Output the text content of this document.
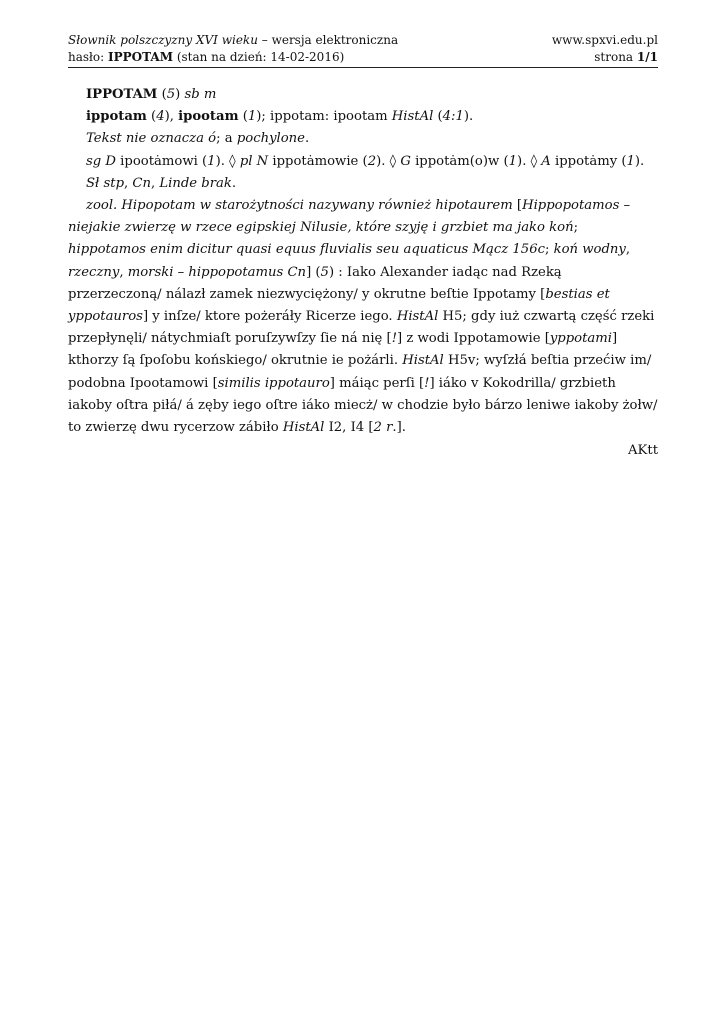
Słownik polszczyzny XVI wieku – wersja elektroniczna	www.spxvi.edu.pl
hasło: IPPOTAM (stan na dzień: 14-02-2016)	strona 1/1

IPPOTAM (5) sb m

ippotam (4), ipootam (1); ippotam: ipootam HistAl (4:1).

Tekst nie oznacza ó; a pochylone.

sg D ipootȧmowi (1). ◊ pl N ippotȧmowie (2). ◊ G ippotȧm(o)w (1). ◊ A ippotȧmy (1).

Sł stp, Cn, Linde brak.

zool. Hipopotam w starożytności nazywany również hipotaurem [Hippopotamos – niejakie zwierzę w rzece egipskiej Nilusie, które szyję i grzbiet ma jako koń; hippotamos enim dicitur quasi equus fluvialis seu aquaticus Mącz 156c; koń wodny, rzeczny, morski – hippopotamus Cn] (5) : Iako Alexander iadąc nad Rzeką przerzeczoną/ nálazł zamek niezwyciężony/ y okrutne beſtie Ippotamy [bestias et yppotauros] y inſze/ ktore pożeráły Ricerze iego. HistAl H5; gdy iuż czwartą część rzeki przepłynęli/ nátychmiaſt poruſzywſzy ſie ná nię [!] z wodi Ippotamowie [yppotami] kthorzy ſą ſpoſobu końskiego/ okrutnie ie pożárli. HistAl H5v; wyſzłá beſtia przećiw im/ podobna Ipootamowi [similis ippotauro] máiąc perſi [!] iáko v Kokodrilla/ grzbieth iakoby oſtra piłá/ á zęby iego oſtre iáko miecż/ w chodzie było bárzo leniwe iakoby żołw/ to zwierzę dwu rycerzow zábiło HistAl I2, I4 [2 r.].

AKtt
